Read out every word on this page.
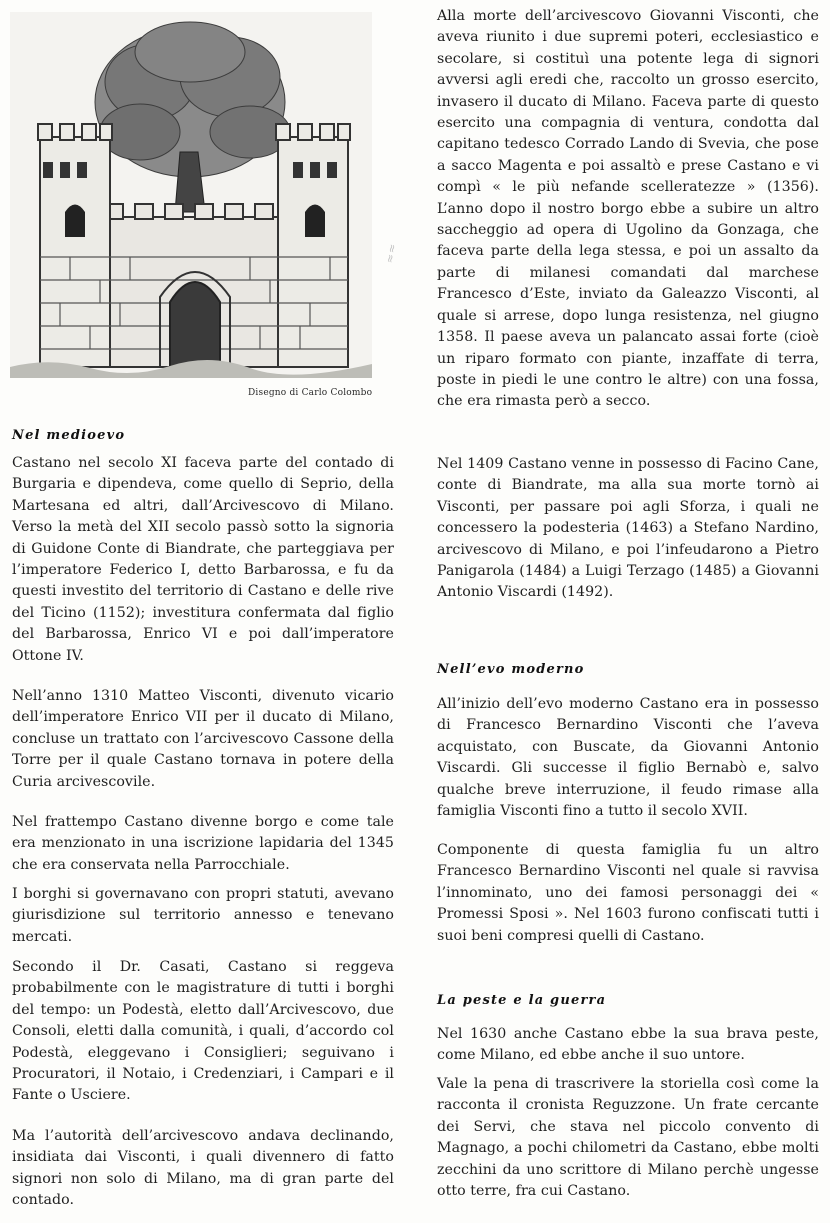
Disegno di Carlo Colombo
≈≈
Nel medioevo

Castano nel secolo XI faceva parte del contado di Burgaria e dipendeva, come quello di Seprio, della Martesana ed altri, dall’Arcivescovo di Milano. Verso la metà del XII secolo passò sotto la signoria di Guidone Conte di Biandrate, che parteggiava per l’imperatore Federico I, detto Barbarossa, e fu da questi investito del territorio di Castano e delle rive del Ticino (1152); investitura confermata dal figlio del Barbarossa, Enrico VI e poi dall’imperatore Ottone IV.

Nell’anno 1310 Matteo Visconti, divenuto vicario dell’imperatore Enrico VII per il ducato di Milano, concluse un trattato con l’arcivescovo Cassone della Torre per il quale Castano tornava in potere della Curia arcivescovile.

Nel frattempo Castano divenne borgo e come tale era menzionato in una iscrizione lapidaria del 1345 che era conservata nella Parrocchiale.

I borghi si governavano con propri statuti, avevano giurisdizione sul territorio annesso e tenevano mercati.

Secondo il Dr. Casati, Castano si reggeva probabilmente con le magistrature di tutti i borghi del tempo: un Podestà, eletto dall’Arcivescovo, due Consoli, eletti dalla comunità, i quali, d’accordo col Podestà, eleggevano i Consiglieri; seguivano i Procuratori, il Notaio, i Credenziari, i Campari e il Fante o Usciere.

Ma l’autorità dell’arcivescovo andava declinando, insidiata dai Visconti, i quali divennero di fatto signori non solo di Milano, ma di gran parte del contado.

Alla morte dell’arcivescovo Giovanni Visconti, che aveva riunito i due supremi poteri, ecclesiastico e secolare, si costituì una potente lega di signori avversi agli eredi che, raccolto un grosso esercito, invasero il ducato di Milano. Faceva parte di questo esercito una compagnia di ventura, condotta dal capitano tedesco Corrado Lando di Svevia, che pose a sacco Magenta e poi assaltò e prese Castano e vi compì « le più nefande scelleratezze » (1356). L’anno dopo il nostro borgo ebbe a subire un altro saccheggio ad opera di Ugolino da Gonzaga, che faceva parte della lega stessa, e poi un assalto da parte di milanesi comandati dal marchese Francesco d’Este, inviato da Galeazzo Visconti, al quale si arrese, dopo lunga resistenza, nel giugno 1358. Il paese aveva un palancato assai forte (cioè un riparo formato con piante, inzaffate di terra, poste in piedi le une contro le altre) con una fossa, che era rimasta però a secco.

Nel 1409 Castano venne in possesso di Facino Cane, conte di Biandrate, ma alla sua morte tornò ai Visconti, per passare poi agli Sforza, i quali ne concessero la podesteria (1463) a Stefano Nardino, arcivescovo di Milano, e poi l’infeudarono a Pietro Panigarola (1484) a Luigi Terzago (1485) a Giovanni Antonio Viscardi (1492).

Nell’evo moderno

All’inizio dell’evo moderno Castano era in possesso di Francesco Bernardino Visconti che l’aveva acquistato, con Buscate, da Giovanni Antonio Viscardi. Gli successe il figlio Bernabò e, salvo qualche breve interruzione, il feudo rimase alla famiglia Visconti fino a tutto il secolo XVII.

Componente di questa famiglia fu un altro Francesco Bernardino Visconti nel quale si ravvisa l’innominato, uno dei famosi personaggi dei « Promessi Sposi ». Nel 1603 furono confiscati tutti i suoi beni compresi quelli di Castano.

La peste e la guerra

Nel 1630 anche Castano ebbe la sua brava peste, come Milano, ed ebbe anche il suo untore.

Vale la pena di trascrivere la storiella così come la racconta il cronista Reguzzone. Un frate cercante dei Servi, che stava nel piccolo convento di Magnago, a pochi chilometri da Castano, ebbe molti zecchini da uno scrittore di Milano perchè ungesse otto terre, fra cui Castano.
